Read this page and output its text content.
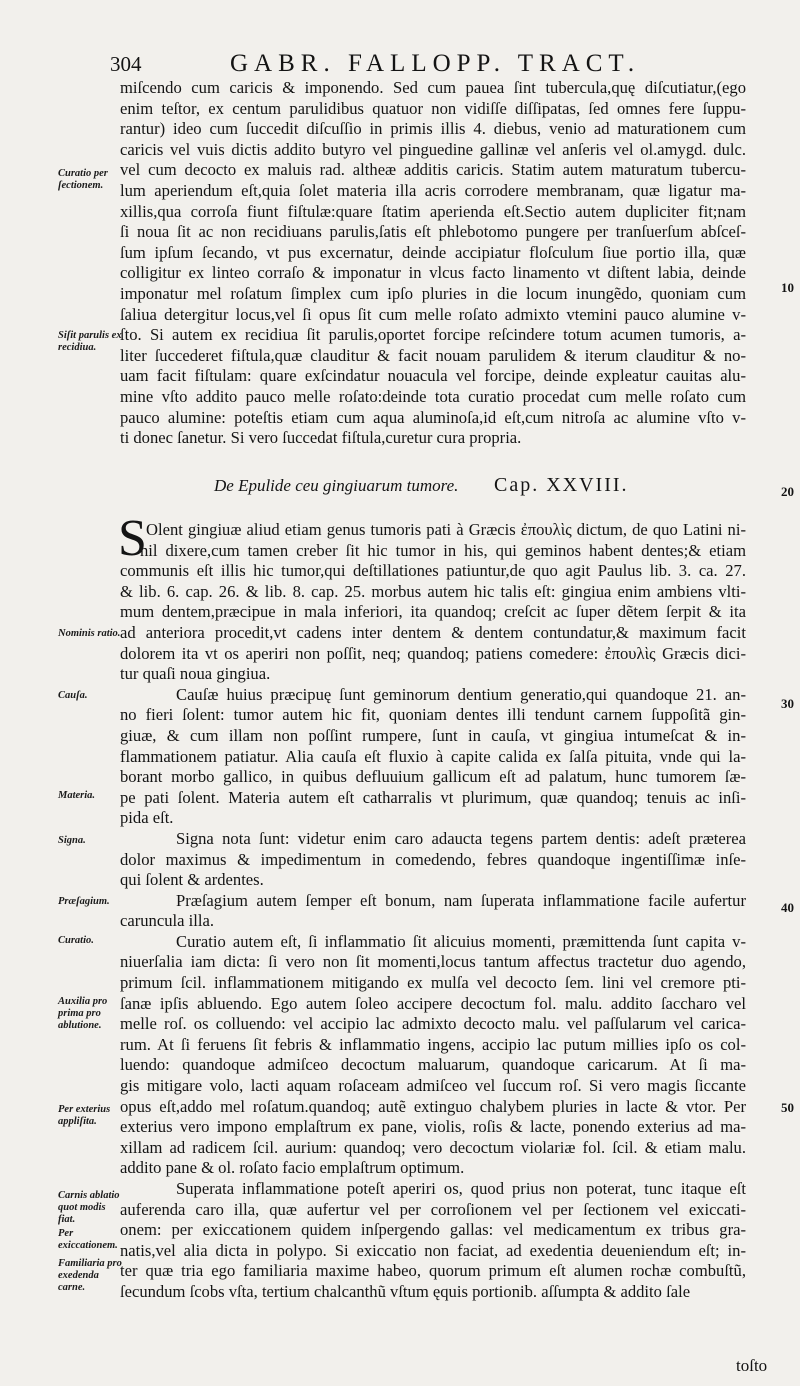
304	GABR. FALLOPP. TRACT.
miſcendo cum caricis & imponendo. Sed cum pauea ſint tubercula,quę diſcutiatur,(ego
enim teſtor, ex centum parulidibus quatuor non vidiſſe diſſipatas, ſed omnes fere ſuppu-
rantur) ideo cum ſuccedit diſcuſſio in primis illis 4. diebus, venio ad maturationem cum
caricis vel vuis dictis addito butyro vel pinguedine gallinæ vel anſeris vel ol.amygd. dulc.
vel cum decocto ex maluis rad. altheæ additis caricis. Statim autem maturatum tubercu-
lum aperiendum eſt,quia ſolet materia illa acris corrodere membranam, quæ ligatur ma-
xillis,qua corroſa fiunt fiſtulæ:quare ſtatim aperienda eſt.Sectio autem dupliciter fit;nam
ſi noua ſit ac non recidiuans parulis,ſatis eſt phlebotomo pungere per tranſuerſum abſceſ-
ſum ipſum ſecando, vt pus excernatur, deinde accipiatur floſculum ſiue portio illa, quæ
colligitur ex linteo corraſo & imponatur in vlcus facto linamento vt diſtent labia, deinde
imponatur mel roſatum ſimplex cum ipſo pluries in die locum inungẽdo, quoniam cum
ſaliua detergitur locus,vel ſi opus ſit cum melle roſato admixto vtemini pauco alumine v-
ſto. Si autem ex recidiua ſit parulis,oportet forcipe reſcindere totum acumen tumoris, a-
liter ſuccederet fiſtula,quæ clauditur & facit nouam parulidem & iterum clauditur & no-
uam facit fiſtulam: quare exſcindatur nouacula vel forcipe, deinde expleatur cauitas alu-
mine vſto addito pauco melle roſato:deinde tota curatio procedat cum melle roſato cum
pauco alumine: poteſtis etiam cum aqua aluminoſa,id eſt,cum nitroſa ac alumine vſto v-
ti donec ſanetur. Si vero ſuccedat fiſtula,curetur cura propria.
De Epulide ceu gingiuarum tumore. Cap. XXVIII.
S Olent gingiuæ aliud etiam genus tumoris pati à Græcis ἐπουλὶς dictum, de quo Latini ni-
hil dixere,cum tamen creber ſit hic tumor in his, qui geminos habent dentes;& etiam
communis eſt illis hic tumor,qui deſtillationes patiuntur,de quo agit Paulus lib. 3. ca. 27.
& lib. 6. cap. 26. & lib. 8. cap. 25. morbus autem hic talis eſt: gingiua enim ambiens vlti-
mum dentem,præcipue in mala inferiori, ita quandoq; creſcit ac ſuper dẽtem ſerpit & ita
ad anteriora procedit,vt cadens inter dentem & dentem contundatur,& maximum facit
dolorem ita vt os aperiri non poſſit, neq; quandoq; patiens comedere: ἐπουλὶς Græcis dici-
tur quaſi noua gingiua.
Cauſæ huius præcipuę ſunt geminorum dentium generatio,qui quandoque 21. an-
no fieri ſolent: tumor autem hic fit, quoniam dentes illi tendunt carnem ſuppoſitã gin-
giuæ, & cum illam non poſſint rumpere, ſunt in cauſa, vt gingiua intumeſcat & in-
flammationem patiatur. Alia cauſa eſt fluxio à capite calida ex ſalſa pituita, vnde qui la-
borant morbo gallico, in quibus defluuium gallicum eſt ad palatum, hunc tumorem ſæ-
pe pati ſolent. Materia autem eſt catharralis vt plurimum, quæ quandoq; tenuis ac inſi-
pida eſt.
Signa nota ſunt: videtur enim caro adaucta tegens partem dentis: adeſt præterea
dolor maximus & impedimentum in comedendo, febres quandoque ingentiſſimæ inſe-
qui ſolent & ardentes.
Præſagium autem ſemper eſt bonum, nam ſuperata inflammatione facile aufertur
caruncula illa.
Curatio autem eſt, ſi inflammatio ſit alicuius momenti, præmittenda ſunt capita v-
niuerſalia iam dicta: ſi vero non ſit momenti,locus tantum affectus tractetur duo agendo,
primum ſcil. inflammationem mitigando ex mulſa vel decocto ſem. lini vel cremore pti-
ſanæ ipſis abluendo. Ego autem ſoleo accipere decoctum fol. malu. addito ſaccharo vel
melle roſ. os colluendo: vel accipio lac admixto decocto malu. vel paſſularum vel carica-
rum. At ſi feruens ſit febris & inflammatio ingens, accipio lac putum millies ipſo os col-
luendo: quandoque admiſceo decoctum maluarum, quandoque caricarum. At ſi ma-
gis mitigare volo, lacti aquam roſaceam admiſceo vel ſuccum roſ. Si vero magis ſiccante
opus eſt,addo mel roſatum.quandoq; autẽ extinguo chalybem pluries in lacte & vtor. Per
exterius vero impono emplaſtrum ex pane, violis, roſis & lacte, ponendo exterius ad ma-
xillam ad radicem ſcil. aurium: quandoq; vero decoctum violariæ fol. ſcil. & etiam malu.
addito pane & ol. roſato facio emplaſtrum optimum.
Superata inflammatione poteſt aperiri os, quod prius non poterat, tunc itaque eſt
auferenda caro illa, quæ aufertur vel per corroſionem vel per ſectionem vel exiccati-
onem: per exiccationem quidem inſpergendo gallas: vel medicamentum ex tribus gra-
natis,vel alia dicta in polypo. Si exiccatio non faciat, ad exedentia deueniendum eſt; in-
ter quæ tria ego familiaria maxime habeo, quorum primum eſt alumen rochæ combuſtũ,
ſecundum ſcobs vſta, tertium chalcanthũ vſtum ęquis portionib. aſſumpta & addito ſale
Curatio per ſectionem.
Siſit parulis ex recidiua.
Nominis ratio.
Cauſa.
Materia.
Signa.
Præſagium.
Curatio.
Auxilia pro prima pro ablutione.
Per exterius appliſita.
Carnis ablatio quot modis fiat.
Per exiccationem.
Familiaria pro exedenda carne.
10
20
30
40
50
toſto
